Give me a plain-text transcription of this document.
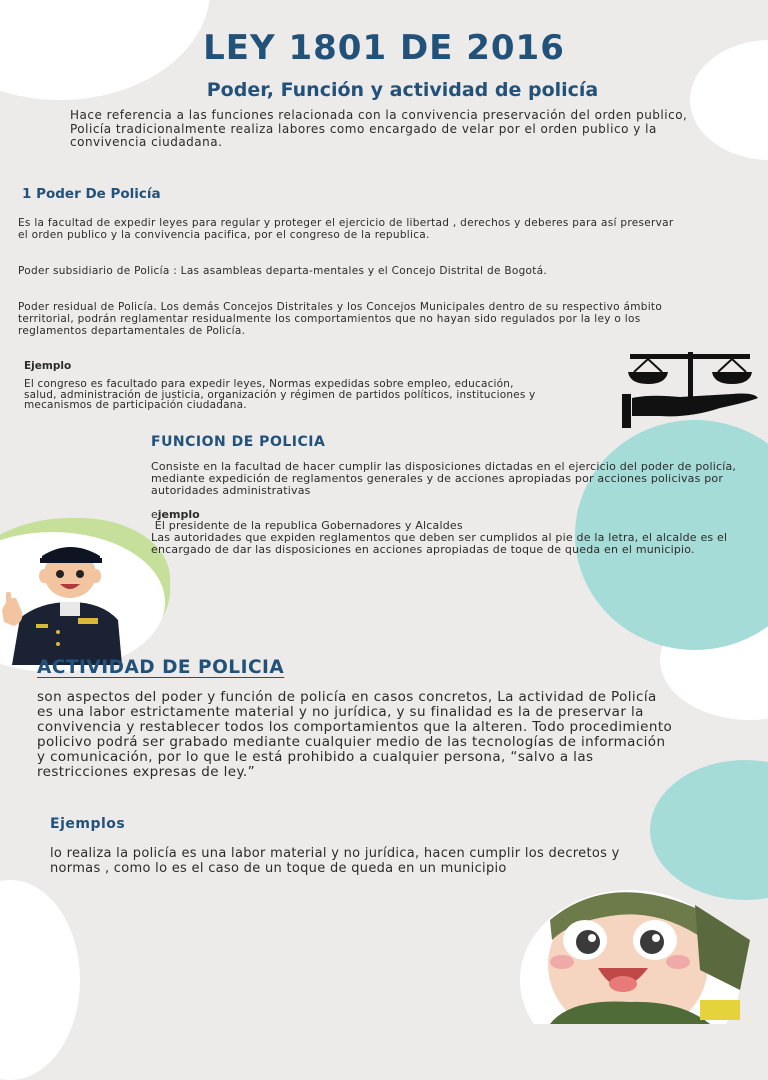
LEY 1801 DE 2016
Poder, Función y actividad de policía

Hace referencia a las funciones relacionada con la convivencia preservación del orden publico, Policía tradicionalmente realiza labores como encargado de velar por el orden publico y la convivencia ciudadana.

1 Poder De Policía

Es la facultad de expedir leyes para regular y proteger el ejercicio de libertad , derechos y deberes para así preservar el orden publico y la convivencia pacifica, por el congreso de la republica.

Poder subsidiario de Policía : Las asambleas departa-mentales y el Concejo Distrital de Bogotá.

Poder residual de Policía. Los demás Concejos Distritales y los Concejos Municipales dentro de su respectivo ámbito territorial, podrán reglamentar residualmente los comportamientos que no hayan sido regulados por la ley o los reglamentos departamentales de Policía.

Ejemplo

El congreso es facultado para expedir leyes, Normas expedidas sobre empleo, educación, salud, administración de justicia, organización y régimen de partidos políticos, instituciones y mecanismos de participación ciudadana.

FUNCION DE POLICIA

Consiste en la facultad de hacer cumplir las disposiciones dictadas en el ejercicio del poder de policía, mediante expedición de reglamentos generales y de acciones apropiadas por acciones policivas por autoridades administrativas

ejemplo
El presidente de la republica Gobernadores y Alcaldes
Las autoridades que expiden reglamentos que deben ser cumplidos al pie de la letra, el alcalde es el encargado de dar las disposiciones en acciones apropiadas de toque de queda en el municipio.
ACTIVIDAD DE POLICIA

son aspectos del poder y función de policía en casos concretos, La actividad de Policía es una labor estrictamente material y no jurídica, y su finalidad es la de preservar la convivencia y restablecer todos los comportamientos que la alteren. Todo procedimiento policivo podrá ser grabado mediante cualquier medio de las tecnologías de información y comunicación, por lo que le está prohibido a cualquier persona, “salvo a las restricciones expresas de ley.”

Ejemplos

lo realiza la policía es una labor material y no jurídica, hacen cumplir los decretos y normas , como lo es el caso de un toque de queda en un municipio
